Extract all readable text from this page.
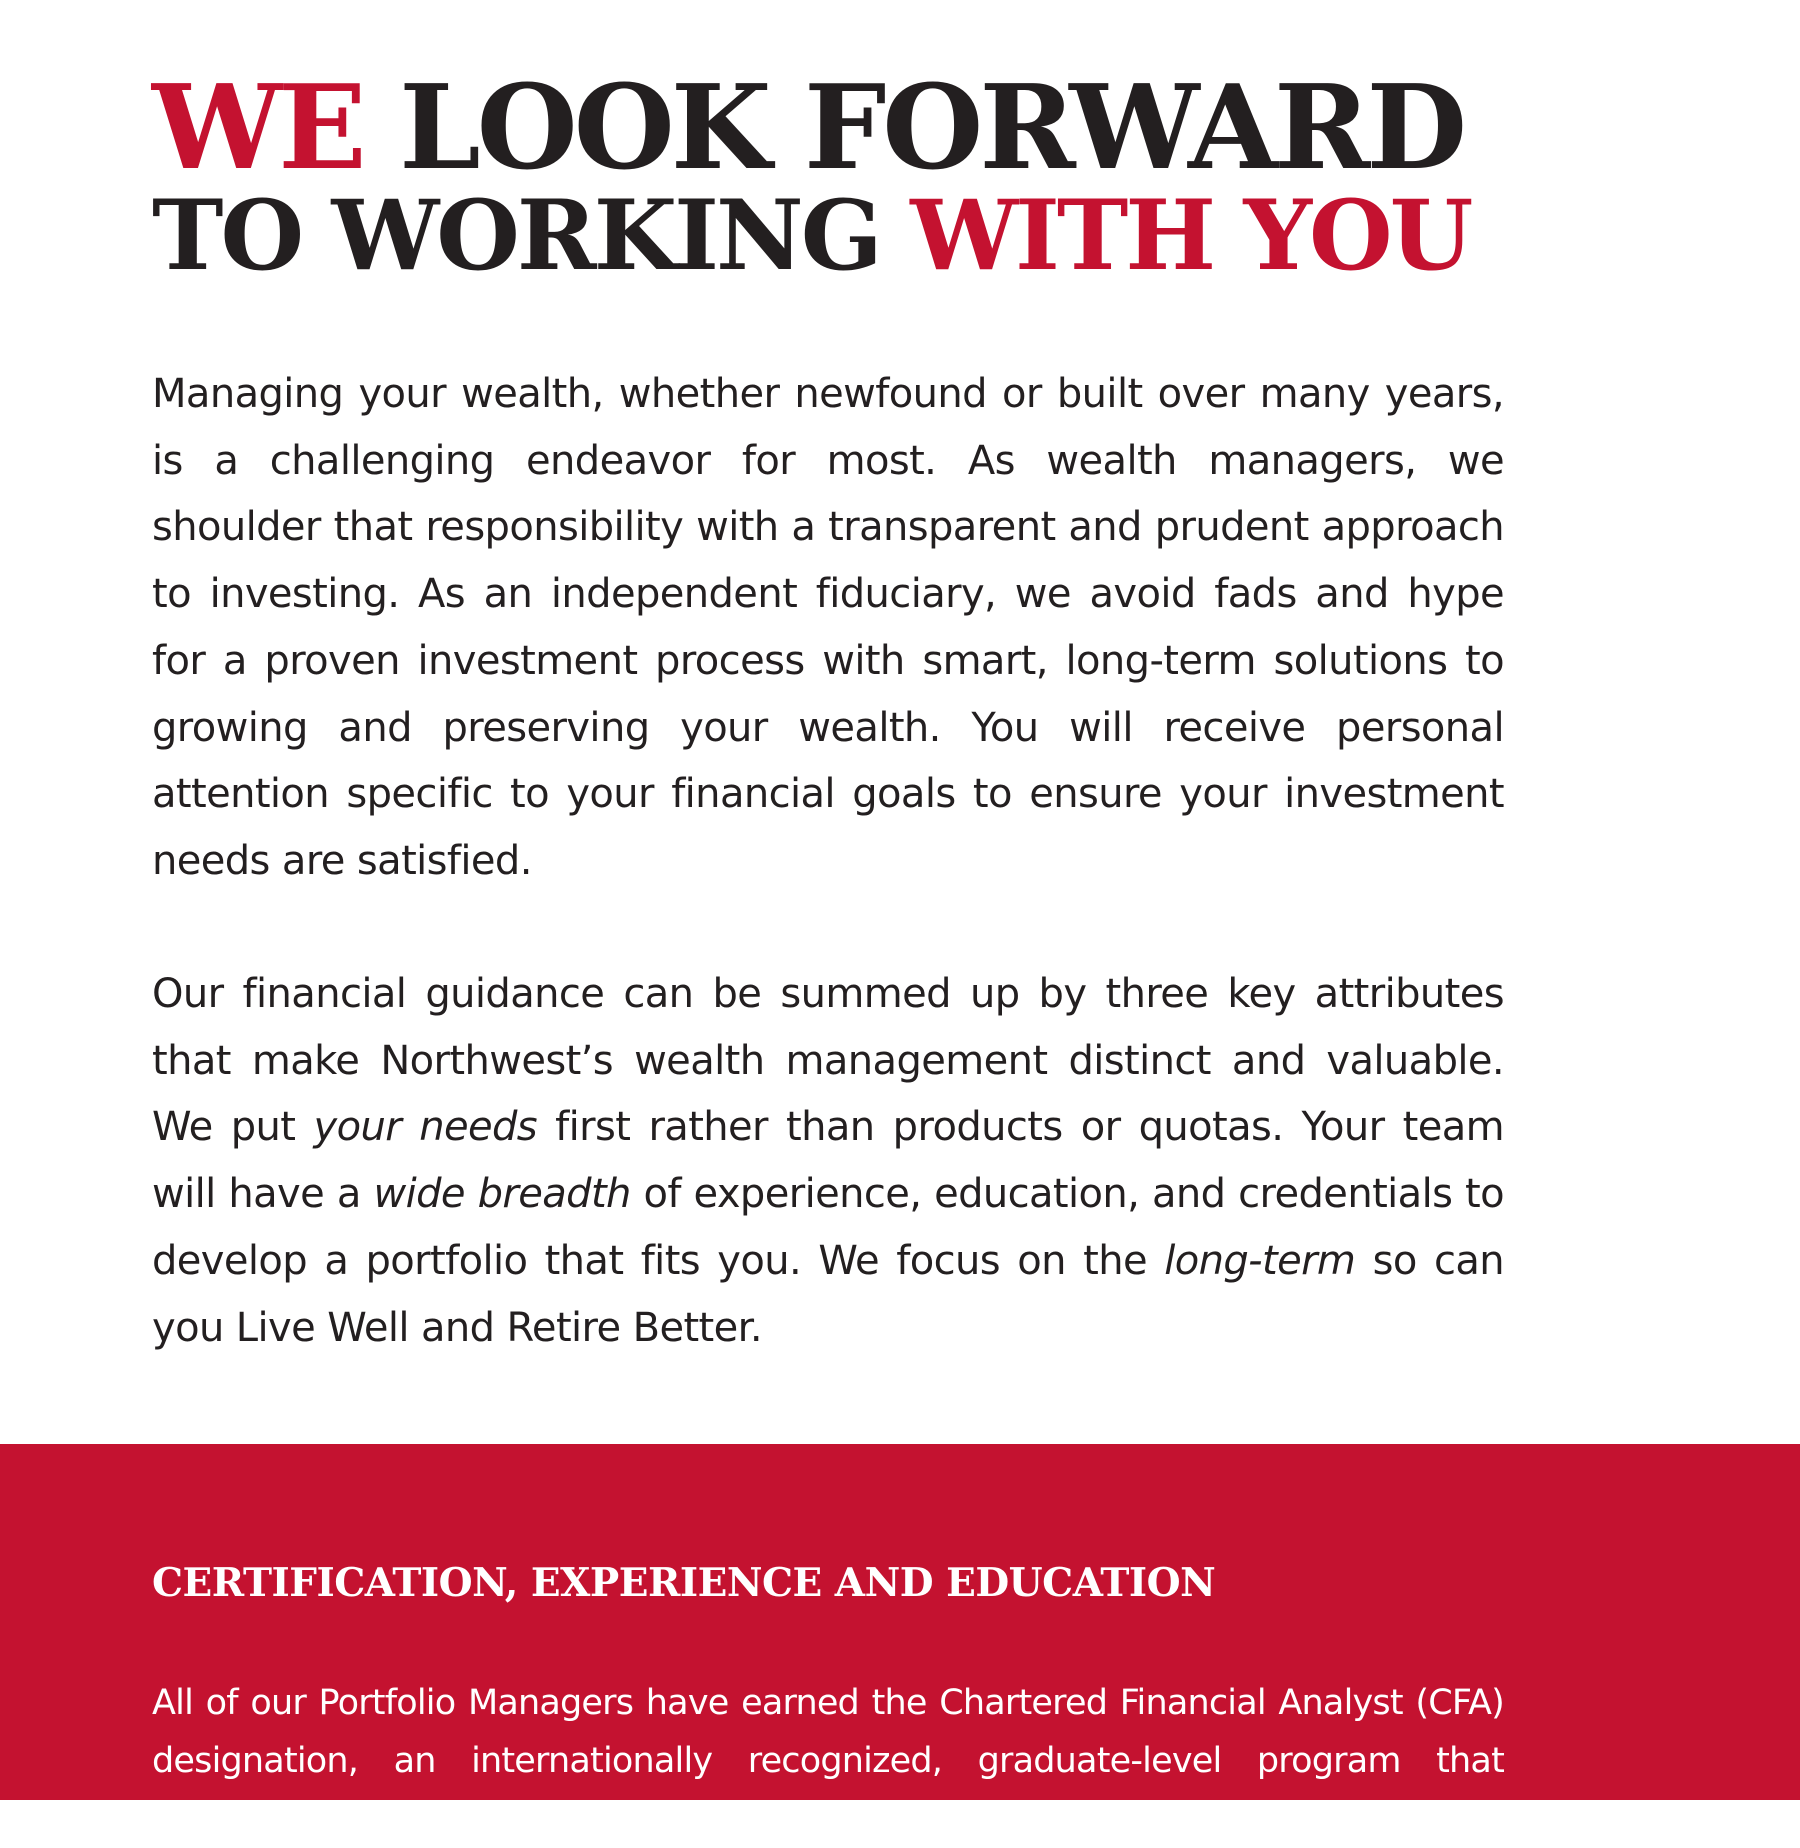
WE LOOK FORWARD
TO WORKING WITH YOU

Managing your wealth, whether newfound or built over many years, is a challenging endeavor for most. As wealth managers, we shoulder that responsibility with a transparent and prudent approach to investing. As an independent fiduciary, we avoid fads and hype for a proven investment process with smart, long-term solutions to growing and preserving your wealth. You will receive personal attention specific to your financial goals to ensure your investment needs are satisfied.

Our financial guidance can be summed up by three key attributes that make Northwest’s wealth management distinct and valuable. We put your needs first rather than products or quotas. Your team will have a wide breadth of experience, education, and credentials to develop a portfolio that fits you. We focus on the long-term so can you Live Well and Retire Better.

CERTIFICATION, EXPERIENCE AND EDUCATION

All of our Portfolio Managers have earned the Chartered Financial Analyst (CFA) designation, an internationally recognized, graduate-level program that provides
